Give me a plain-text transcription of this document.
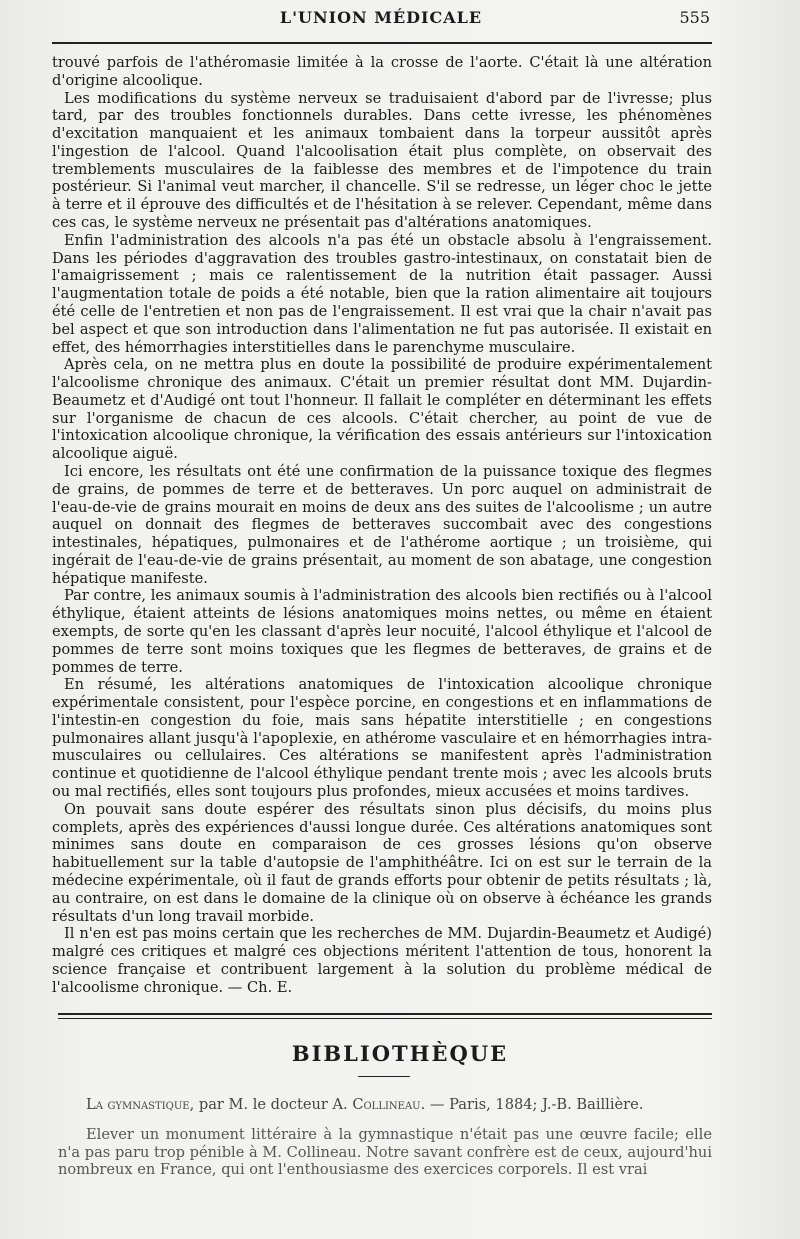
L'UNION MÉDICALE	555

trouvé parfois de l'athéromasie limitée à la crosse de l'aorte. C'était là une altération d'origine alcoolique.

Les modifications du système nerveux se traduisaient d'abord par de l'ivresse; plus tard, par des troubles fonctionnels durables. Dans cette ivresse, les phénomènes d'excitation manquaient et les animaux tombaient dans la torpeur aussitôt après l'ingestion de l'alcool. Quand l'alcoolisation était plus complète, on observait des tremblements musculaires de la faiblesse des membres et de l'impotence du train postérieur. Si l'animal veut marcher, il chancelle. S'il se redresse, un léger choc le jette à terre et il éprouve des difficultés et de l'hésitation à se relever. Cependant, même dans ces cas, le système nerveux ne présentait pas d'altérations anatomiques.

Enfin l'administration des alcools n'a pas été un obstacle absolu à l'engraissement. Dans les périodes d'aggravation des troubles gastro-intestinaux, on constatait bien de l'amaigrissement ; mais ce ralentissement de la nutrition était passager. Aussi l'augmentation totale de poids a été notable, bien que la ration alimentaire ait toujours été celle de l'entretien et non pas de l'engraissement. Il est vrai que la chair n'avait pas bel aspect et que son introduction dans l'alimentation ne fut pas autorisée. Il existait en effet, des hémorrhagies interstitielles dans le parenchyme musculaire.

Après cela, on ne mettra plus en doute la possibilité de produire expérimentalement l'alcoolisme chronique des animaux. C'était un premier résultat dont MM. Dujardin-Beaumetz et d'Audigé ont tout l'honneur. Il fallait le compléter en déterminant les effets sur l'organisme de chacun de ces alcools. C'était chercher, au point de vue de l'intoxication alcoolique chronique, la vérification des essais antérieurs sur l'intoxication alcoolique aiguë.

Ici encore, les résultats ont été une confirmation de la puissance toxique des flegmes de grains, de pommes de terre et de betteraves. Un porc auquel on administrait de l'eau-de-vie de grains mourait en moins de deux ans des suites de l'alcoolisme ; un autre auquel on donnait des flegmes de betteraves succombait avec des congestions intestinales, hépatiques, pulmonaires et de l'athérome aortique ; un troisième, qui ingérait de l'eau-de-vie de grains présentait, au moment de son abatage, une congestion hépatique manifeste.

Par contre, les animaux soumis à l'administration des alcools bien rectifiés ou à l'alcool éthylique, étaient atteints de lésions anatomiques moins nettes, ou même en étaient exempts, de sorte qu'en les classant d'après leur nocuité, l'alcool éthylique et l'alcool de pommes de terre sont moins toxiques que les flegmes de betteraves, de grains et de pommes de terre.

En résumé, les altérations anatomiques de l'intoxication alcoolique chronique expérimentale consistent, pour l'espèce porcine, en congestions et en inflammations de l'intestin-en congestion du foie, mais sans hépatite interstitielle ; en congestions pulmonaires allant jusqu'à l'apoplexie, en athérome vasculaire et en hémorrhagies intra-musculaires ou cellulaires. Ces altérations se manifestent après l'administration continue et quotidienne de l'alcool éthylique pendant trente mois ; avec les alcools bruts ou mal rectifiés, elles sont toujours plus profondes, mieux accusées et moins tardives.

On pouvait sans doute espérer des résultats sinon plus décisifs, du moins plus complets, après des expériences d'aussi longue durée. Ces altérations anatomiques sont minimes sans doute en comparaison de ces grosses lésions qu'on observe habituellement sur la table d'autopsie de l'amphithéâtre. Ici on est sur le terrain de la médecine expérimentale, où il faut de grands efforts pour obtenir de petits résultats ; là, au contraire, on est dans le domaine de la clinique où on observe à échéance les grands résultats d'un long travail morbide.

Il n'en est pas moins certain que les recherches de MM. Dujardin-Beaumetz et Audigé) malgré ces critiques et malgré ces objections méritent l'attention de tous, honorent la science française et contribuent largement à la solution du problème médical de l'alcoolisme chronique. — Ch. E.

BIBLIOTHÈQUE
La gymnastique, par M. le docteur A. Collineau. — Paris, 1884; J.-B. Baillière.
Elever un monument littéraire à la gymnastique n'était pas une œuvre facile; elle n'a pas paru trop pénible à M. Collineau. Notre savant confrère est de ceux, aujourd'hui nombreux en France, qui ont l'enthousiasme des exercices corporels. Il est vrai
